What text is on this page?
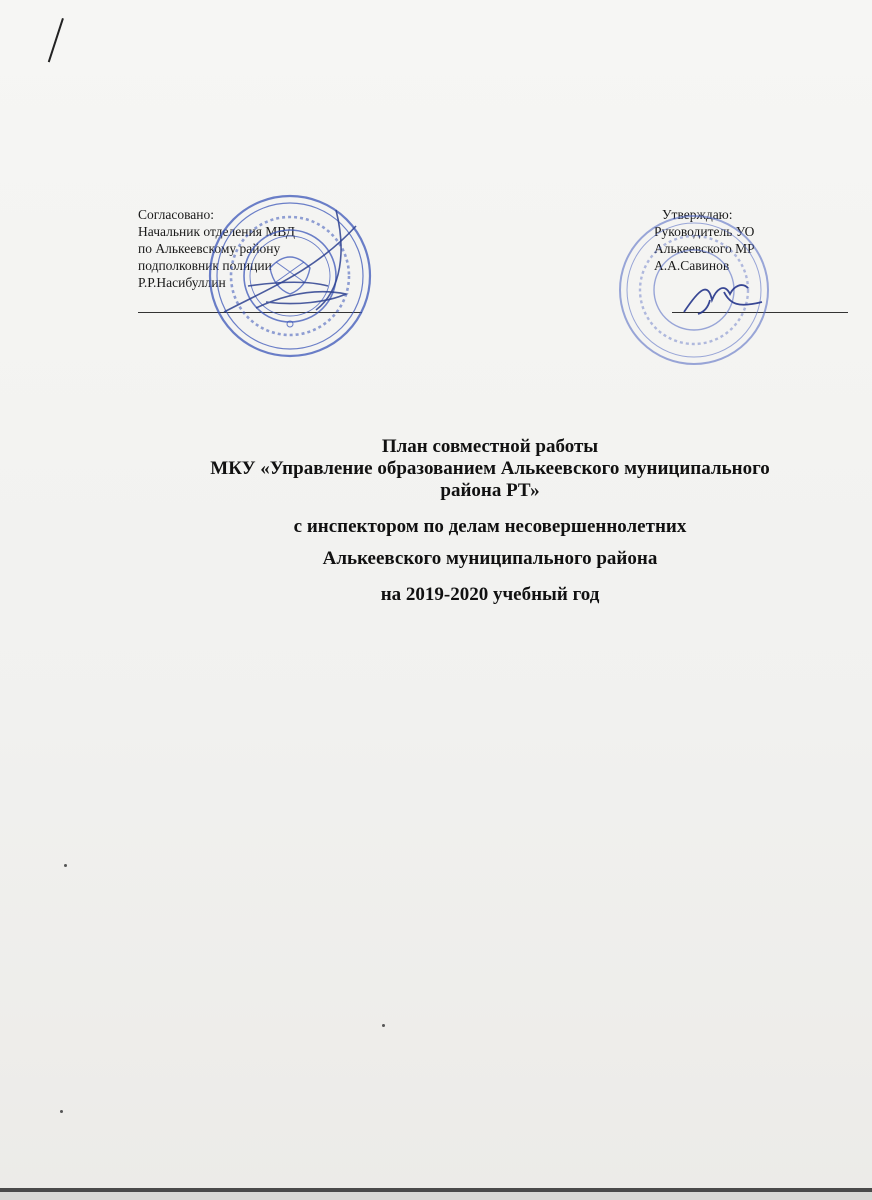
Согласовано:
Начальник отделения МВД
по Алькеевскому району
подполковник полиции
Р.Р.Насибуллин
Утверждаю:
Руководитель УО
Алькеевского МР
А.А.Савинов
План совместной работы
МКУ «Управление образованием Алькеевского муниципального
района РТ»
с инспектором по делам несовершеннолетних
Алькеевского муниципального района
на 2019-2020 учебный год
